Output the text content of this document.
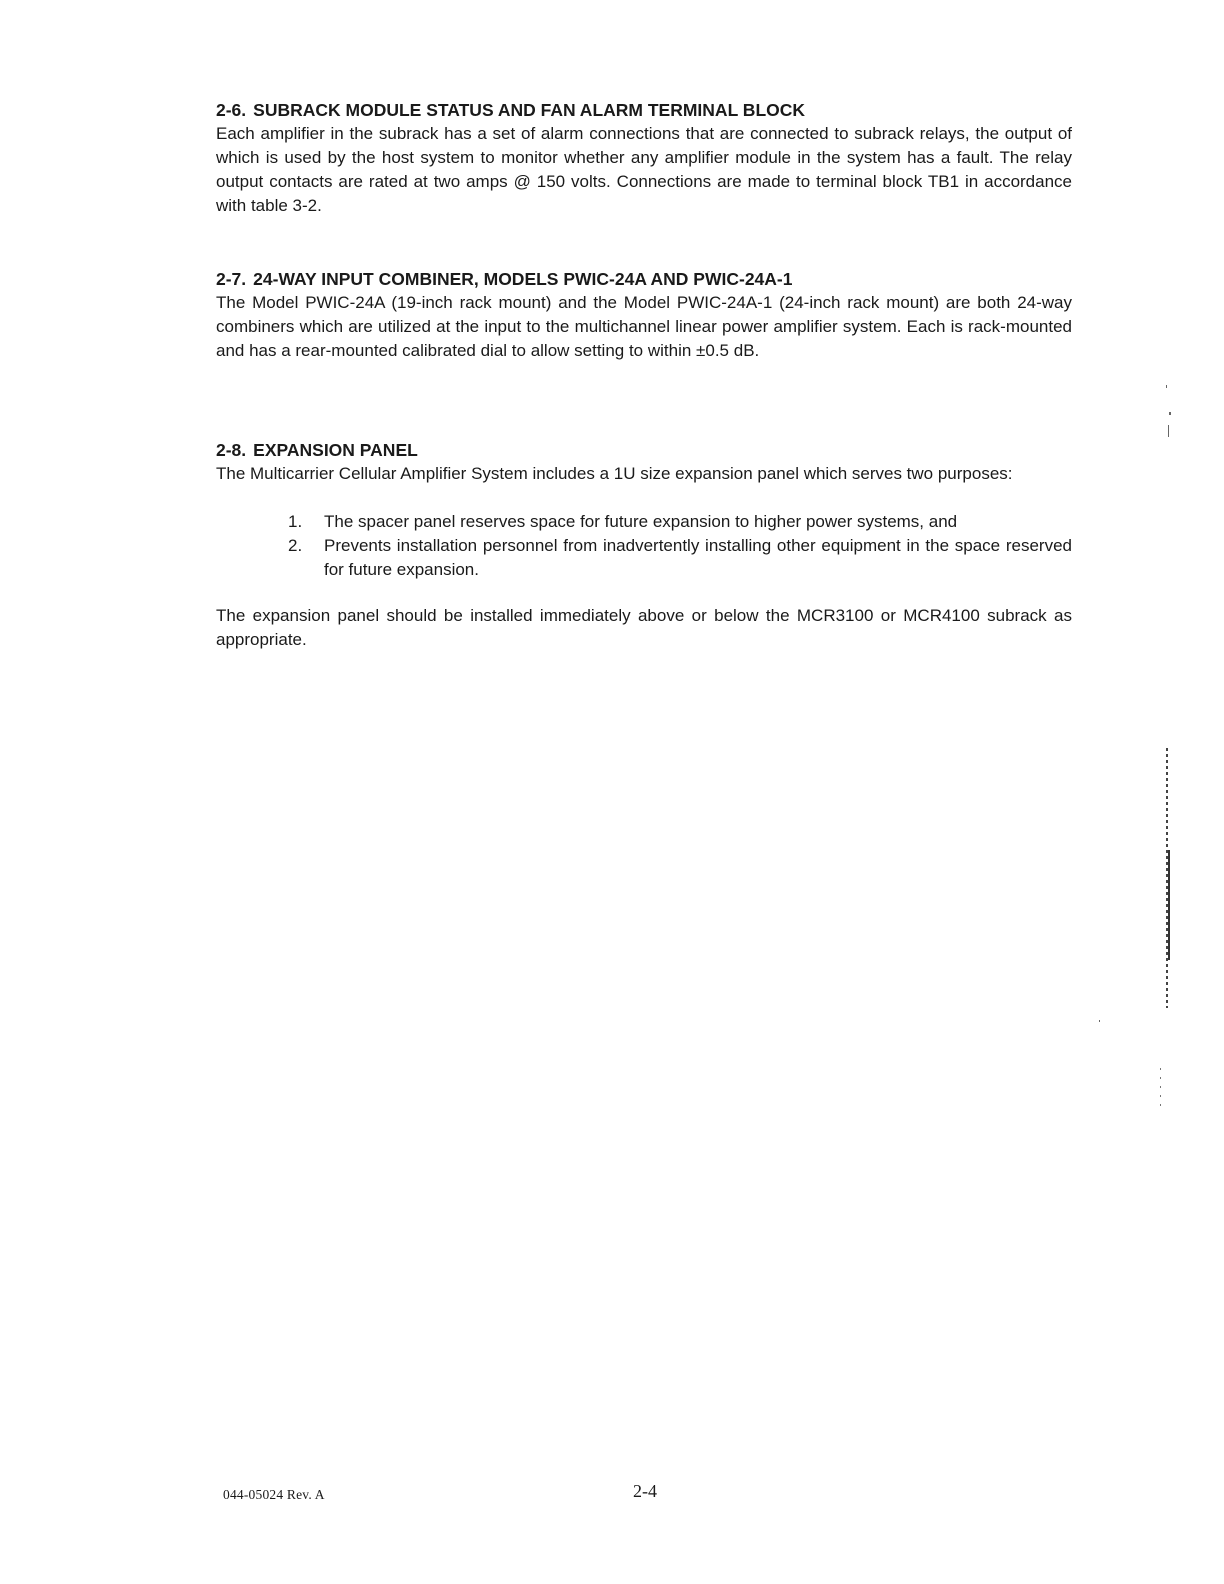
2-6. SUBRACK MODULE STATUS AND FAN ALARM TERMINAL BLOCK

Each amplifier in the subrack has a set of alarm connections that are connected to subrack relays, the output of which is used by the host system to monitor whether any amplifier module in the system has a fault. The relay output contacts are rated at two amps @ 150 volts. Connections are made to terminal block TB1 in accordance with table 3-2.

2-7. 24-WAY INPUT COMBINER, MODELS PWIC-24A AND PWIC-24A-1

The Model PWIC-24A (19-inch rack mount) and the Model PWIC-24A-1 (24-inch rack mount) are both 24-way combiners which are utilized at the input to the multichannel linear power amplifier system. Each is rack-mounted and has a rear-mounted calibrated dial to allow setting to within ±0.5 dB.

2-8. EXPANSION PANEL

The Multicarrier Cellular Amplifier System includes a 1U size expansion panel which serves two purposes:

1. The spacer panel reserves space for future expansion to higher power systems, and
2. Prevents installation personnel from inadvertently installing other equipment in the space reserved for future expansion.

The expansion panel should be installed immediately above or below the MCR3100 or MCR4100 subrack as appropriate.

044-05024 Rev. A	2-4
